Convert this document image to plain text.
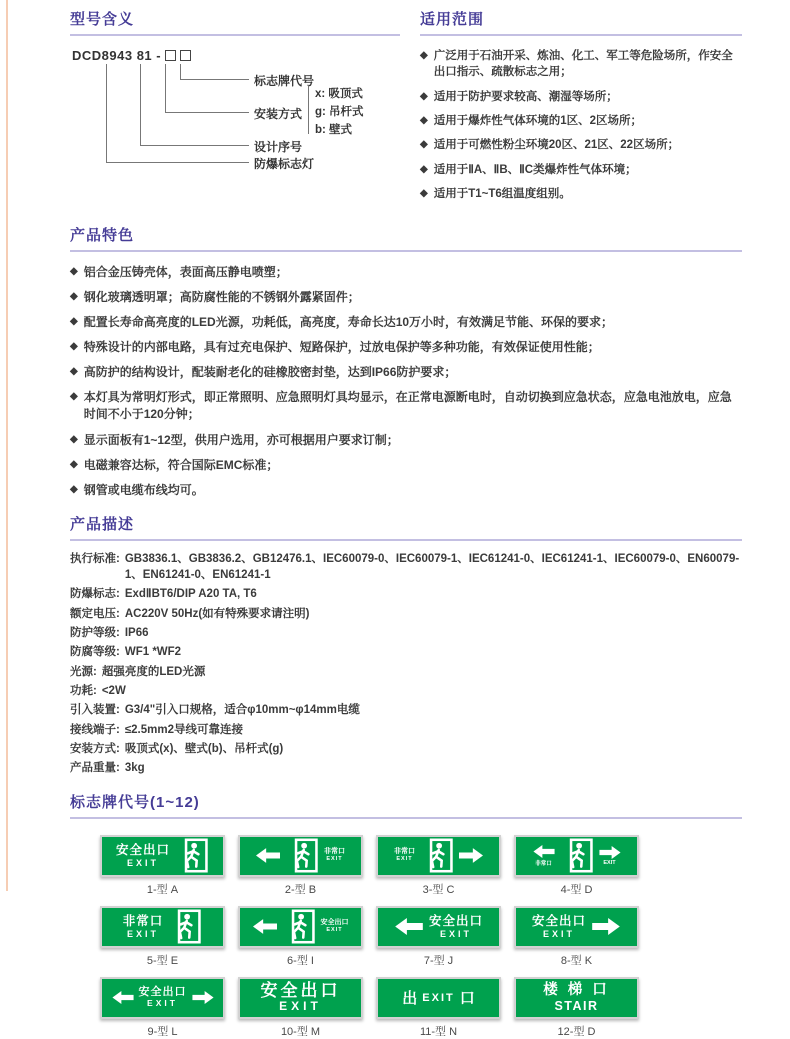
型号含义
DCD8943 81 -
标志牌代号
安装方式
设计序号
防爆标志灯
x: 吸顶式
g: 吊杆式
b: 壁式
适用范围
◆ 广泛用于石油开采、炼油、化工、军工等危险场所，作安全出口指示、疏散标志之用；
◆ 适用于防护要求较高、潮湿等场所；
◆ 适用于爆炸性气体环境的1区、2区场所；
◆ 适用于可燃性粉尘环境20区、21区、22区场所；
◆ 适用于ⅡA、ⅡB、ⅡC类爆炸性气体环境；
◆ 适用于T1~T6组温度组别。
产品特色
◆ 铝合金压铸壳体，表面高压静电喷塑；
◆ 钢化玻璃透明罩；高防腐性能的不锈钢外露紧固件；
◆ 配置长寿命高亮度的LED光源，功耗低，高亮度，寿命长达10万小时，有效满足节能、环保的要求；
◆ 特殊设计的内部电路，具有过充电保护、短路保护，过放电保护等多种功能，有效保证使用性能；
◆ 高防护的结构设计，配装耐老化的硅橡胶密封垫，达到IP66防护要求；
◆ 本灯具为常明灯形式，即正常照明、应急照明灯具均显示，在正常电源断电时，自动切换到应急状态，应急电池放电，应急时间不小于120分钟；
◆ 显示面板有1~12型，供用户选用，亦可根据用户要求订制；
◆ 电磁兼容达标，符合国际EMC标准；
◆ 钢管或电缆布线均可。
产品描述
执行标准: GB3836.1、GB3836.2、GB12476.1、IEC60079-0、IEC60079-1、IEC61241-0、IEC61241-1、IEC60079-0、EN60079-1、EN61241-0、EN61241-1
防爆标志: ExdⅡBT6/DIP A20 TA, T6
额定电压: AC220V 50Hz(如有特殊要求请注明)
防护等级: IP66
防腐等级: WF1 *WF2
光源: 超强亮度的LED光源
功耗: <2W
引入装置: G3/4"引入口规格，适合φ10mm~φ14mm电缆
接线端子: ≤2.5mm2导线可靠连接
安装方式: 吸顶式(x)、壁式(b)、吊杆式(g)
产品重量: 3kg
标志牌代号(1~12)
安全出口
EXIT
1-型 A
非常口
EXIT
2-型 B
非常口
EXIT
3-型 C
非常口	EXIT
4-型 D
非常口
EXIT
5-型 E
安全出口
EXIT
6-型 I
安全出口
EXIT
7-型 J
安全出口
EXIT
8-型 K
安全出口
EXIT
9-型 L
安全出口
EXIT
10-型 M
出 EXIT 口
11-型 N
楼 梯 口
STAIR
12-型 D
